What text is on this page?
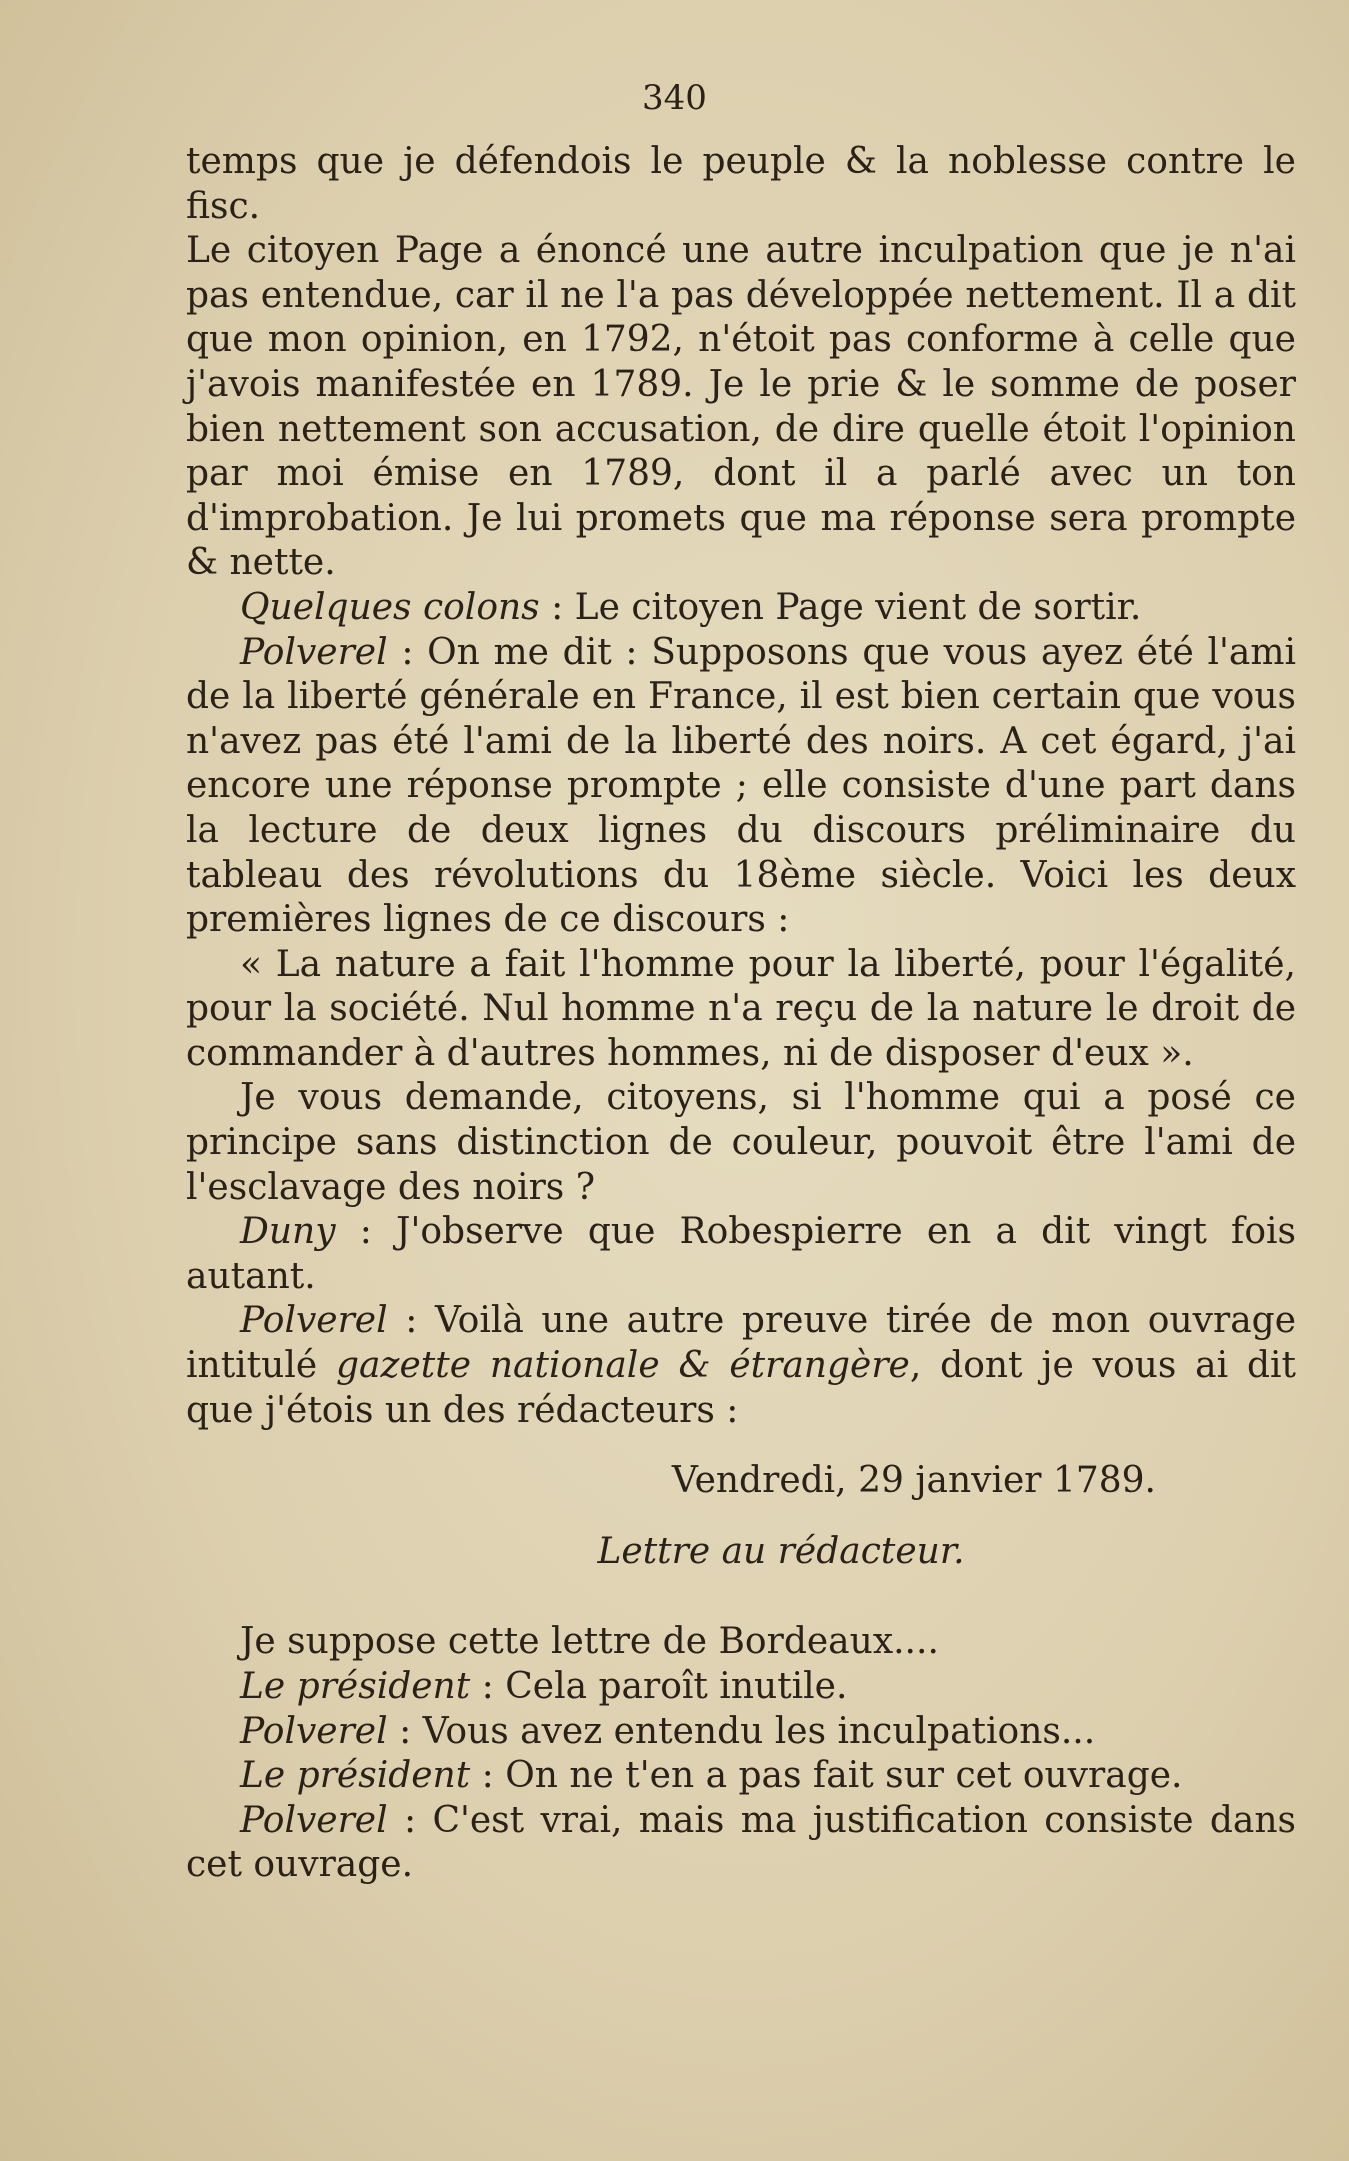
340

temps que je défendois le peuple & la noblesse contre le fisc.

Le citoyen Page a énoncé une autre inculpation que je n'ai pas entendue, car il ne l'a pas développée nettement. Il a dit que mon opinion, en 1792, n'étoit pas conforme à celle que j'avois manifestée en 1789. Je le prie & le somme de poser bien nettement son accusation, de dire quelle étoit l'opinion par moi émise en 1789, dont il a parlé avec un ton d'improbation. Je lui promets que ma réponse sera prompte & nette.

Quelques colons : Le citoyen Page vient de sortir.

Polverel : On me dit : Supposons que vous ayez été l'ami de la liberté générale en France, il est bien certain que vous n'avez pas été l'ami de la liberté des noirs. A cet égard, j'ai encore une réponse prompte ; elle consiste d'une part dans la lecture de deux lignes du discours préliminaire du tableau des révolutions du 18ème siècle. Voici les deux premières lignes de ce discours :

« La nature a fait l'homme pour la liberté, pour l'égalité, pour la société. Nul homme n'a reçu de la nature le droit de commander à d'autres hommes, ni de disposer d'eux ».

Je vous demande, citoyens, si l'homme qui a posé ce principe sans distinction de couleur, pouvoit être l'ami de l'esclavage des noirs ?

Duny : J'observe que Robespierre en a dit vingt fois autant.

Polverel : Voilà une autre preuve tirée de mon ouvrage intitulé gazette nationale & étrangère, dont je vous ai dit que j'étois un des rédacteurs :

Vendredi, 29 janvier 1789.

Lettre au rédacteur.

Je suppose cette lettre de Bordeaux....

Le président : Cela paroît inutile.

Polverel : Vous avez entendu les inculpations...

Le président : On ne t'en a pas fait sur cet ouvrage.

Polverel : C'est vrai, mais ma justification consiste dans cet ouvrage.
